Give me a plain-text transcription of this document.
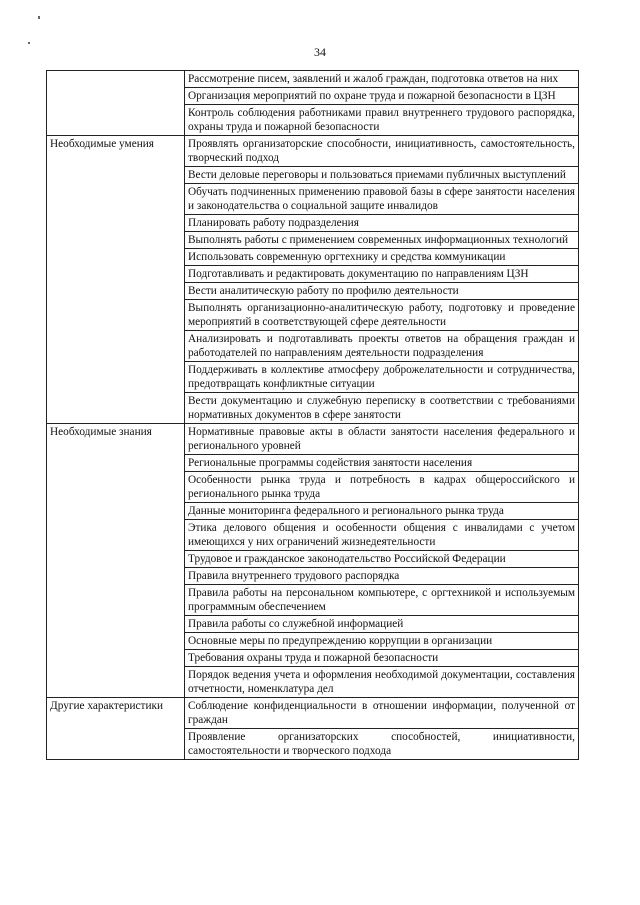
34
	Рассмотрение писем, заявлений и жалоб граждан, подготовка ответов на них
	Организация мероприятий по охране труда и пожарной безопасности в ЦЗН
	Контроль соблюдения работниками правил внутреннего трудового распорядка, охраны труда и пожарной безопасности
Необходимые умения	Проявлять организаторские способности, инициативность, самостоятельность, творческий подход
	Вести деловые переговоры и пользоваться приемами публичных выступлений
	Обучать подчиненных применению правовой базы в сфере занятости населения и законодательства о социальной защите инвалидов
	Планировать работу подразделения
	Выполнять работы с применением современных информационных технологий
	Использовать современную оргтехнику и средства коммуникации
	Подготавливать и редактировать документацию по направлениям ЦЗН
	Вести аналитическую работу по профилю деятельности
	Выполнять организационно-аналитическую работу, подготовку и проведение мероприятий в соответствующей сфере деятельности
	Анализировать и подготавливать проекты ответов на обращения граждан и работодателей по направлениям деятельности подразделения
	Поддерживать в коллективе атмосферу доброжелательности и сотрудничества, предотвращать конфликтные ситуации
	Вести документацию и служебную переписку в соответствии с требованиями нормативных документов в сфере занятости
Необходимые знания	Нормативные правовые акты в области занятости населения федерального и регионального уровней
	Региональные программы содействия занятости населения
	Особенности рынка труда и потребность в кадрах общероссийского и регионального рынка труда
	Данные мониторинга федерального и регионального рынка труда
	Этика делового общения и особенности общения с инвалидами с учетом имеющихся у них ограничений жизнедеятельности
	Трудовое и гражданское законодательство Российской Федерации
	Правила внутреннего трудового распорядка
	Правила работы на персональном компьютере, с оргтехникой и используемым программным обеспечением
	Правила работы со служебной информацией
	Основные меры по предупреждению коррупции в организации
	Требования охраны труда и пожарной безопасности
	Порядок ведения учета и оформления необходимой документации, составления отчетности, номенклатура дел
Другие характеристики	Соблюдение конфиденциальности в отношении информации, полученной от граждан
	Проявление организаторских способностей, инициативности, самостоятельности и творческого подхода
